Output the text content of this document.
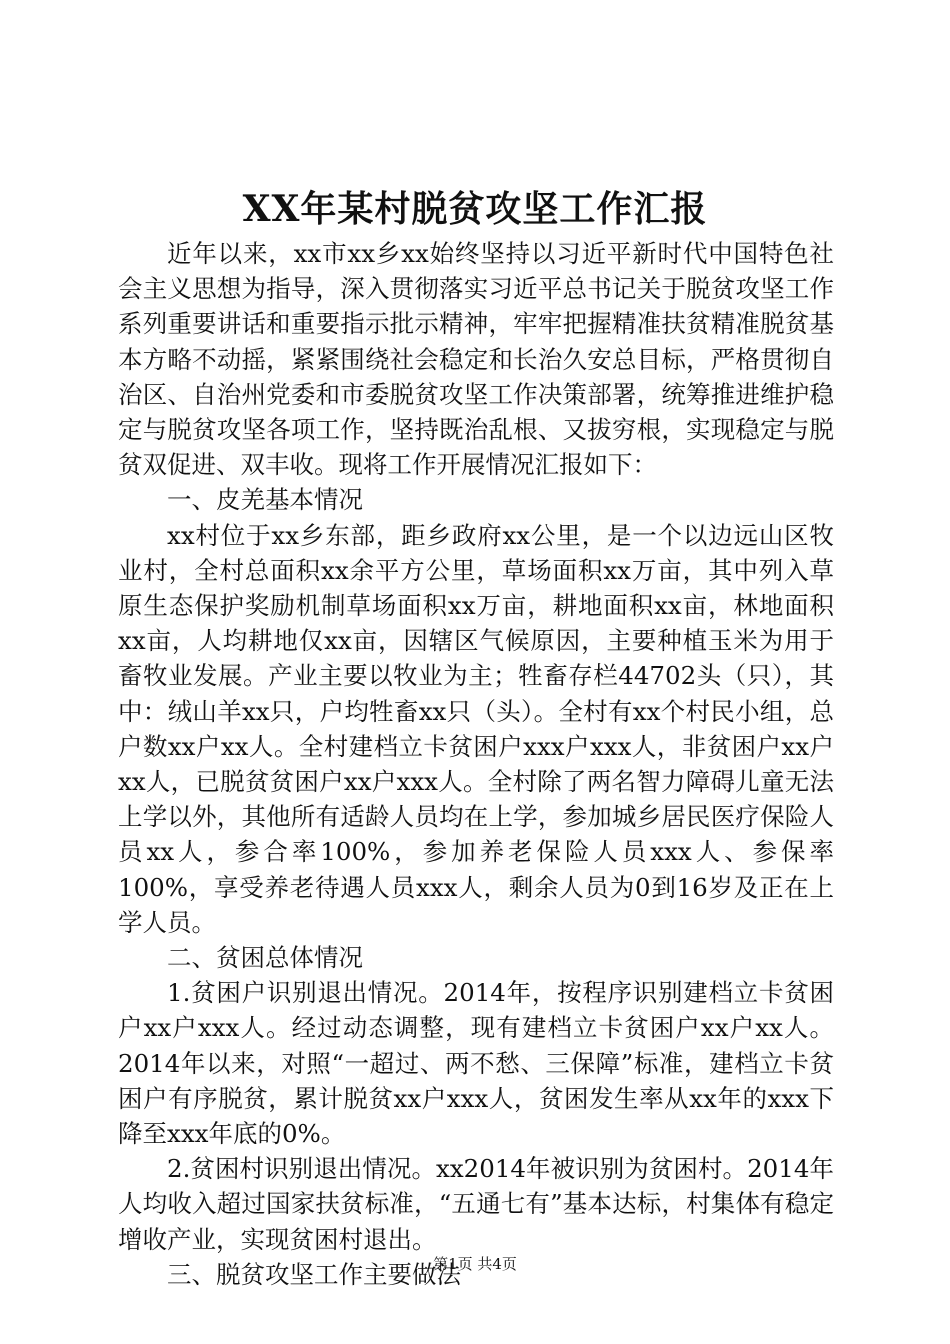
XX年某村脱贫攻坚工作汇报

近年以来，xx市xx乡xx始终坚持以习近平新时代中国特色社会主义思想为指导，深入贯彻落实习近平总书记关于脱贫攻坚工作系列重要讲话和重要指示批示精神，牢牢把握精准扶贫精准脱贫基本方略不动摇，紧紧围绕社会稳定和长治久安总目标，严格贯彻自治区、自治州党委和市委脱贫攻坚工作决策部署，统筹推进维护稳定与脱贫攻坚各项工作，坚持既治乱根、又拔穷根，实现稳定与脱贫双促进、双丰收。现将工作开展情况汇报如下：

一、皮羌基本情况

xx村位于xx乡东部，距乡政府xx公里，是一个以边远山区牧业村，全村总面积xx余平方公里，草场面积xx万亩，其中列入草原生态保护奖励机制草场面积xx万亩，耕地面积xx亩，林地面积xx亩，人均耕地仅xx亩，因辖区气候原因，主要种植玉米为用于畜牧业发展。产业主要以牧业为主；牲畜存栏44702头（只），其中：绒山羊xx只，户均牲畜xx只（头）。全村有xx个村民小组，总户数xx户xx人。全村建档立卡贫困户xxx户xxx人，非贫困户xx户xx人，已脱贫贫困户xx户xxx人。全村除了两名智力障碍儿童无法上学以外，其他所有适龄人员均在上学，参加城乡居民医疗保险人员xx人，参合率100%，参加养老保险人员xxx人、参保率100%，享受养老待遇人员xxx人，剩余人员为0到16岁及正在上学人员。

二、贫困总体情况

1.贫困户识别退出情况。2014年，按程序识别建档立卡贫困户xx户xxx人。经过动态调整，现有建档立卡贫困户xx户xx人。2014年以来，对照“一超过、两不愁、三保障”标准，建档立卡贫困户有序脱贫，累计脱贫xx户xxx人，贫困发生率从xx年的xxx下降至xxx年底的0%。

2.贫困村识别退出情况。xx2014年被识别为贫困村。2014年人均收入超过国家扶贫标准，“五通七有”基本达标，村集体有稳定增收产业，实现贫困村退出。

三、脱贫攻坚工作主要做法

第1页 共4页
